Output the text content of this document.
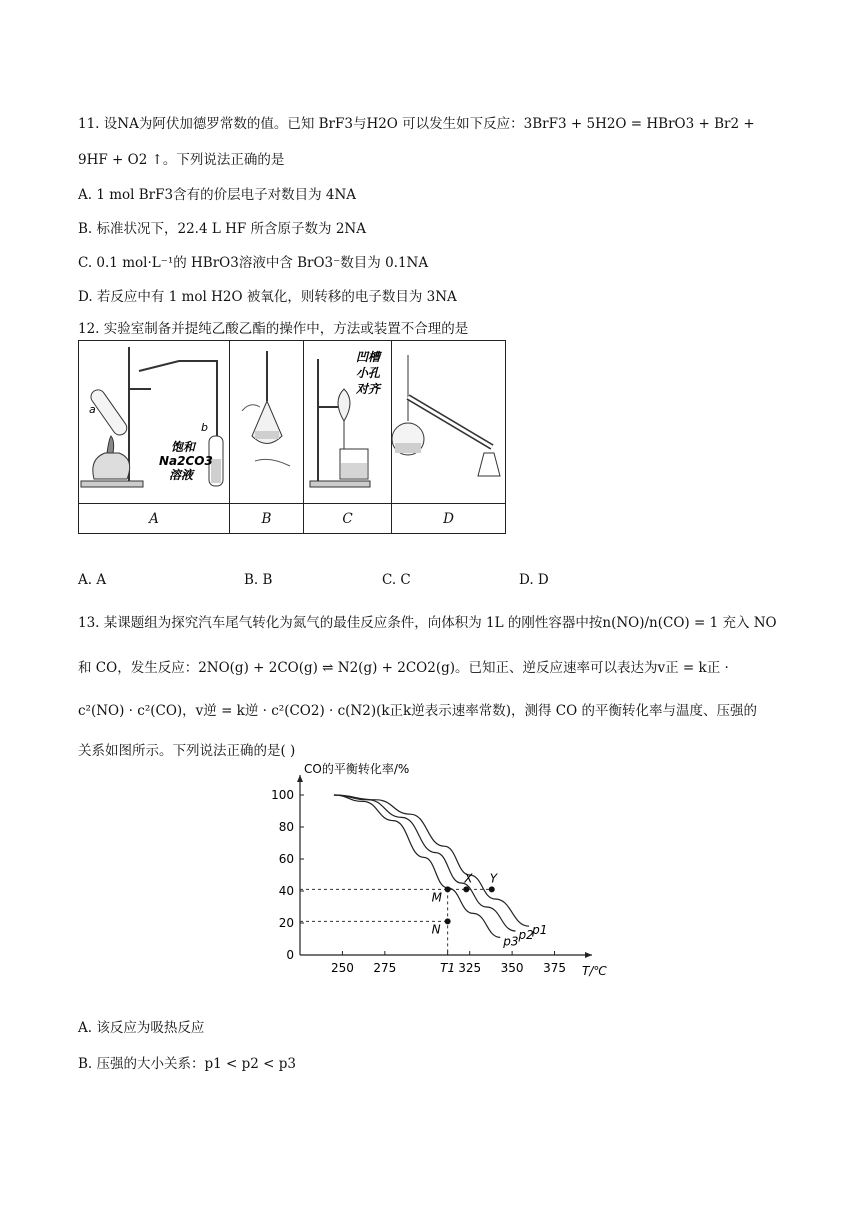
11. 设NA为阿伏加德罗常数的值。已知 BrF3与H2O 可以发生如下反应：3BrF3 + 5H2O = HBrO3 + Br2 +
9HF + O2 ↑。下列说法正确的是
A. 1 mol BrF3含有的价层电子对数目为 4NA
B. 标准状况下，22.4 L HF 所含原子数为 2NA
C. 0.1 mol·L⁻¹的 HBrO3溶液中含 BrO3⁻数目为 0.1NA
D. 若反应中有 1 mol H2O 被氧化，则转移的电子数目为 3NA
12. 实验室制备并提纯乙酸乙酯的操作中，方法或装置不合理的是
a
b
饱和
Na2CO3
溶液		凹槽
小孔
对齐

A	B	C	D
A. A	B. B	C. C	D. D
13. 某课题组为探究汽车尾气转化为氮气的最佳反应条件，向体积为 1L 的刚性容器中按n(NO)/n(CO) = 1 充入 NO
和 CO，发生反应：2NO(g) + 2CO(g) ⇌ N2(g) + 2CO2(g)。已知正、逆反应速率可以表达为v正 = k正 ·
c²(NO) · c²(CO)，v逆 = k逆 · c²(CO2) · c(N2)(k正k逆表示速率常数)，测得 CO 的平衡转化率与温度、压强的
关系如图所示。下列说法正确的是( )
CO的平衡转化率/%
T/℃
0
20
40
60
80
100
250 275	T1 325 350 375
p1
p2
p3
M
N
X Y
A. 该反应为吸热反应
B. 压强的大小关系：p1 < p2 < p3
